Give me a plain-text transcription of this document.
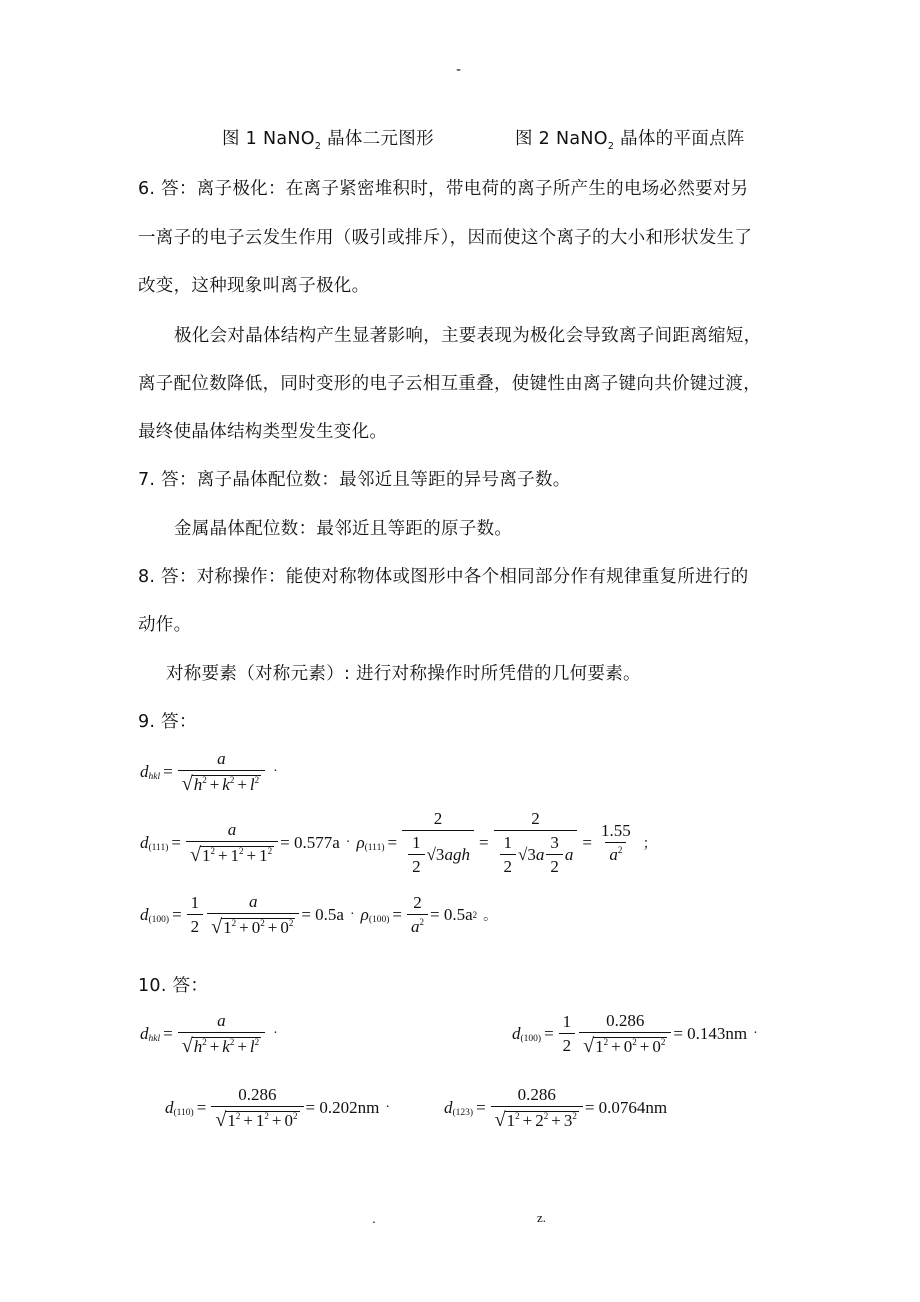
-
图 1 NaNO$_2$ 晶体二元图形	图 2 NaNO$_2$ 晶体的平面点阵
6. 答：离子极化：在离子紧密堆积时，带电荷的离子所产生的电场必然要对另
一离子的电子云发生作用（吸引或排斥），因而使这个离子的大小和形状发生了
改变，这种现象叫离子极化。
极化会对晶体结构产生显著影响，主要表现为极化会导致离子间距离缩短，
离子配位数降低，同时变形的电子云相互重叠，使键性由离子键向共价键过渡，
最终使晶体结构类型发生变化。
7. 答：离子晶体配位数：最邻近且等距的异号离子数。
金属晶体配位数：最邻近且等距的原子数。
8. 答：对称操作：能使对称物体或图形中各个相同部分作有规律重复所进行的
动作。
对称要素（对称元素）: 进行对称操作时所凭借的几何要素。
9. 答：
d hkl = $\frac{a}{√ h^2 + k^2 + l^2}$ ·
d $(111) = \frac{a}{√ 1^2 + 1^2 + 1^2} = 0.577a \cdot \rho$ $(111) = \frac{2}{\frac{1}{2} √3 a gh} = \frac{2}{\frac{1}{2} √3 a \frac{3}{2} a} = \frac{1.55}{a^2}$ ；
d $(100) = \frac{1}{2} \frac{a}{√ 1^2 + 0^2 + 0^2} = 0.5a \cdot \rho$ $(100) = \frac{2}{a^2} = 0.5a$ 2 。
10. 答：
d hkl = $\frac{a}{√ h^2 + k^2 + l^2}$ ·	d $(100) = \frac{1}{2} \frac{0.286}{√ 1^2 + 0^2 + 0^2} = 0.143nm$ ·
d $(110) = \frac{0.286}{√ 1^2 + 1^2 + 0^2} = 0.202nm$ ·	d $(123) = \frac{0.286}{√ 1^2 + 2^2 + 3^2} = 0.0764nm$
.	z.
